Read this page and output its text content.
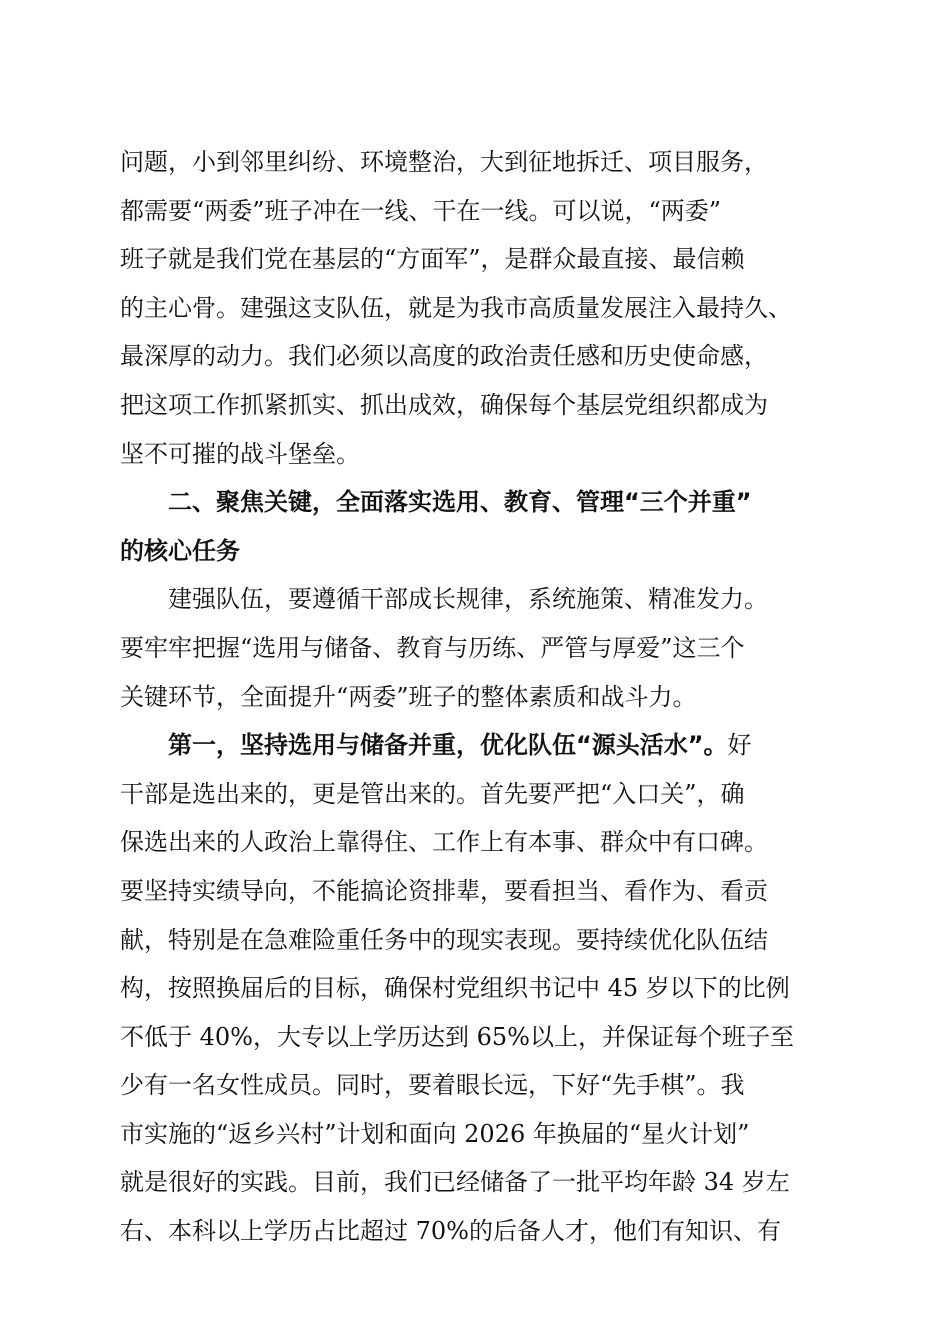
问题，小到邻里纠纷、环境整治，大到征地拆迁、项目服务，
都需要“两委”班子冲在一线、干在一线。可以说，“两委”
班子就是我们党在基层的“方面军”，是群众最直接、最信赖
的主心骨。建强这支队伍，就是为我市高质量发展注入最持久、
最深厚的动力。我们必须以高度的政治责任感和历史使命感，
把这项工作抓紧抓实、抓出成效，确保每个基层党组织都成为
坚不可摧的战斗堡垒。
二、聚焦关键，全面落实选用、教育、管理“三个并重”
的核心任务
建强队伍，要遵循干部成长规律，系统施策、精准发力。
要牢牢把握“选用与储备、教育与历练、严管与厚爱”这三个
关键环节，全面提升“两委”班子的整体素质和战斗力。
第一，坚持选用与储备并重，优化队伍“源头活水”。好
干部是选出来的，更是管出来的。首先要严把“入口关”，确
保选出来的人政治上靠得住、工作上有本事、群众中有口碑。
要坚持实绩导向，不能搞论资排辈，要看担当、看作为、看贡
献，特别是在急难险重任务中的现实表现。要持续优化队伍结
构，按照换届后的目标，确保村党组织书记中 45 岁以下的比例
不低于 40%，大专以上学历达到 65%以上，并保证每个班子至
少有一名女性成员。同时，要着眼长远，下好“先手棋”。我
市实施的“返乡兴村”计划和面向 2026 年换届的“星火计划”
就是很好的实践。目前，我们已经储备了一批平均年龄 34 岁左
右、本科以上学历占比超过 70%的后备人才，他们有知识、有
